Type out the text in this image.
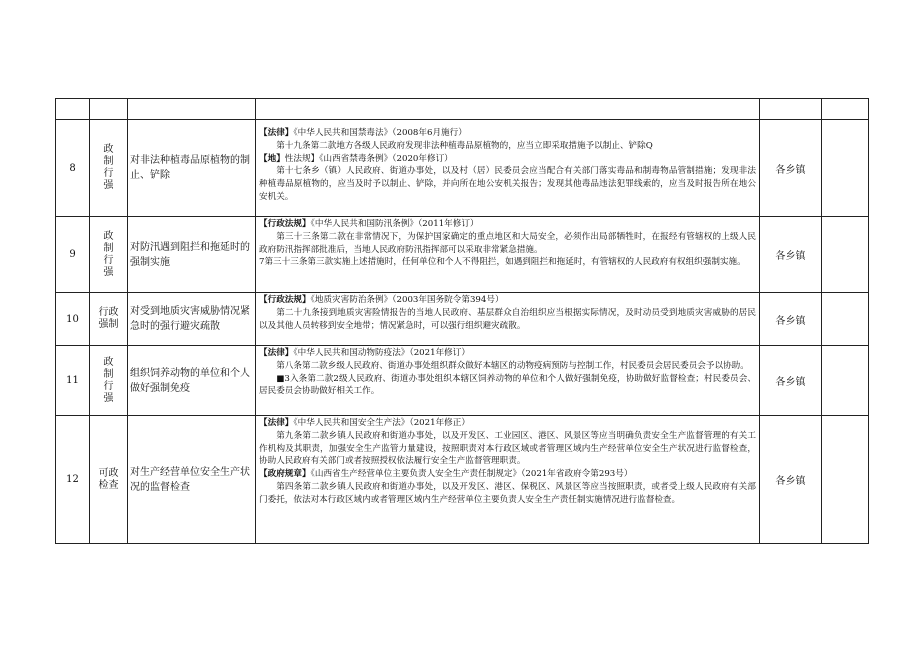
8	政制行强	对非法种植毒品原植物的制止、铲除	【法律】《中华人民共和国禁毒法》（2008年6月施行）

第十九条第二款地方各级人民政府发现非法种植毒品原植物的，应当立即采取措施予以制止、铲除Q

【地】性法规】《山西省禁毒条例》（2020年修订）

第十七条乡（镇）人民政府、街道办事处，以及村（居）民委员会应当配合有关部门落实毒品和制毒物品管制措施；发现非法种植毒品原植物的，应当及时予以制止、铲除，并向所在地公安机关报告；发现其他毒品违法犯罪线索的，应当及时报告所在地公安机关。	各乡镇	
9	政制行强	对防汛遇到阻拦和拖延时的强制实施	【行政法规】《中华人民共和国防汛条例》（2011年修订）

第三十三条第二款在非常情况下，为保护国家确定的重点地区和大局安全，必须作出局部牺牲时，在报经有管辖权的上级人民政府防汛指挥部批准后，当地人民政府防汛指挥部可以采取非常紧急措施。

7第三十三条第三款实施上述措施时，任何单位和个人不得阻拦，如遇到阻拦和拖延时，有管辖权的人民政府有权组织强制实施。	各乡镇	
10	行政强制	对受到地质灾害威胁情况紧急时的强行避灾疏散	【行政法规】《地质灾害防治条例》（2003年国务院令第394号）

第二十九条接到地质灾害险情报告的当地人民政府、基层群众自治组织应当根据实际情况，及时动员受到地质灾害威胁的居民以及其他人员转移到安全地带；情况紧急时，可以强行组织避灾疏散。	各乡镇	
11	政制行强	组织饲养动物的单位和个人做好强制免疫	【法律】《中华人民共和国动物防疫法》（2021年修订）

第八条第二款乡级人民政府、街道办事处组织群众做好本辖区的动物疫病预防与控制工作，村民委员会居民委员会予以协助。

■3入条第二款2级人民政府、街道办事处组织本辖区饲养动物的单位和个人做好强制免疫，协助做好监督检查；村民委员会、居民委员会协助做好相关工作。	各乡镇	
12	可政检查	对生产经营单位安全生产状况的监督检查	【法律】《中华人民共和国安全生产法》（2021年修正）

第九条第二款乡镇人民政府和街道办事处，以及开发区、工业园区、港区、风景区等应当明确负责安全生产监督管理的有关工作机构及其职责，加强安全生产监管力量建设，按照职责对本行政区域或者管理区域内生产经营单位安全生产状况进行监督检查，协助人民政府有关部门或者按照授权依法履行安全生产监督管理职责。

【政府规章】《山西省生产经营单位主要负责人安全生产责任制规定》（2021年省政府令第293号）

第四条第二款乡镇人民政府和街道办事处，以及开发区、港区、保税区、风景区等应当按照职责，或者受上级人民政府有关部门委托，依法对本行政区域内或者管理区域内生产经营单位主要负责人安全生产责任制实施情况进行监督检查。	各乡镇	
